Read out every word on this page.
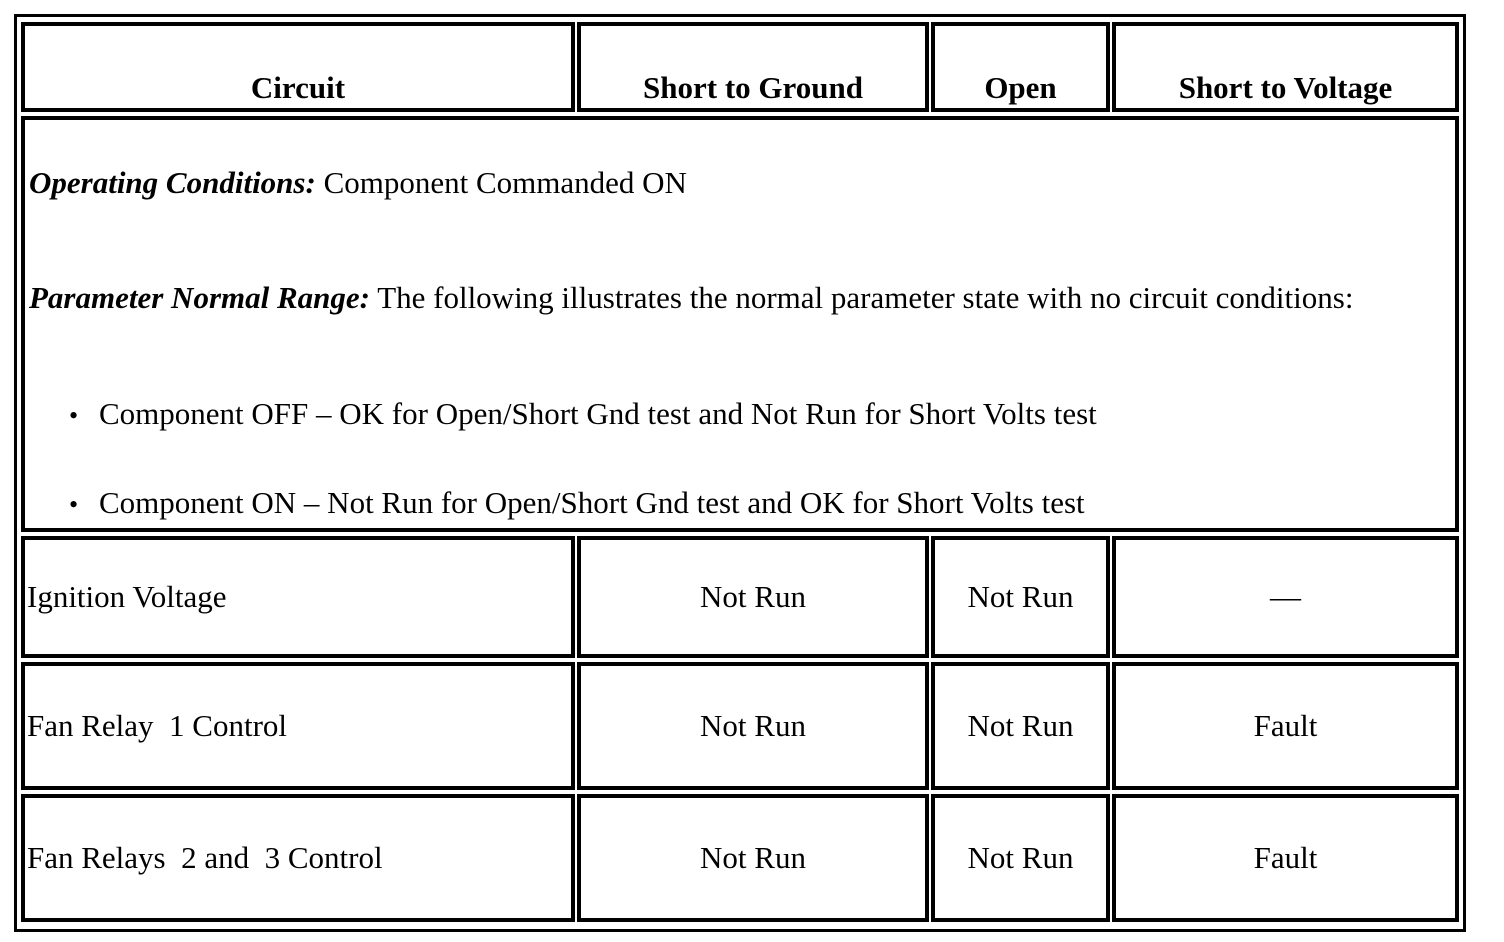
Circuit	Short to Ground	Open	Short to Voltage

Operating Conditions: Component Commanded ON

Parameter Normal Range: The following illustrates the normal parameter state with no circuit conditions:

• Component OFF – OK for Open/Short Gnd test and Not Run for Short Volts test
• Component ON – Not Run for Open/Short Gnd test and OK for Short Volts test
Ignition Voltage	Not Run	Not Run	—
Fan Relay  1 Control	Not Run	Not Run	Fault
Fan Relays  2 and  3 Control	Not Run	Not Run	Fault
